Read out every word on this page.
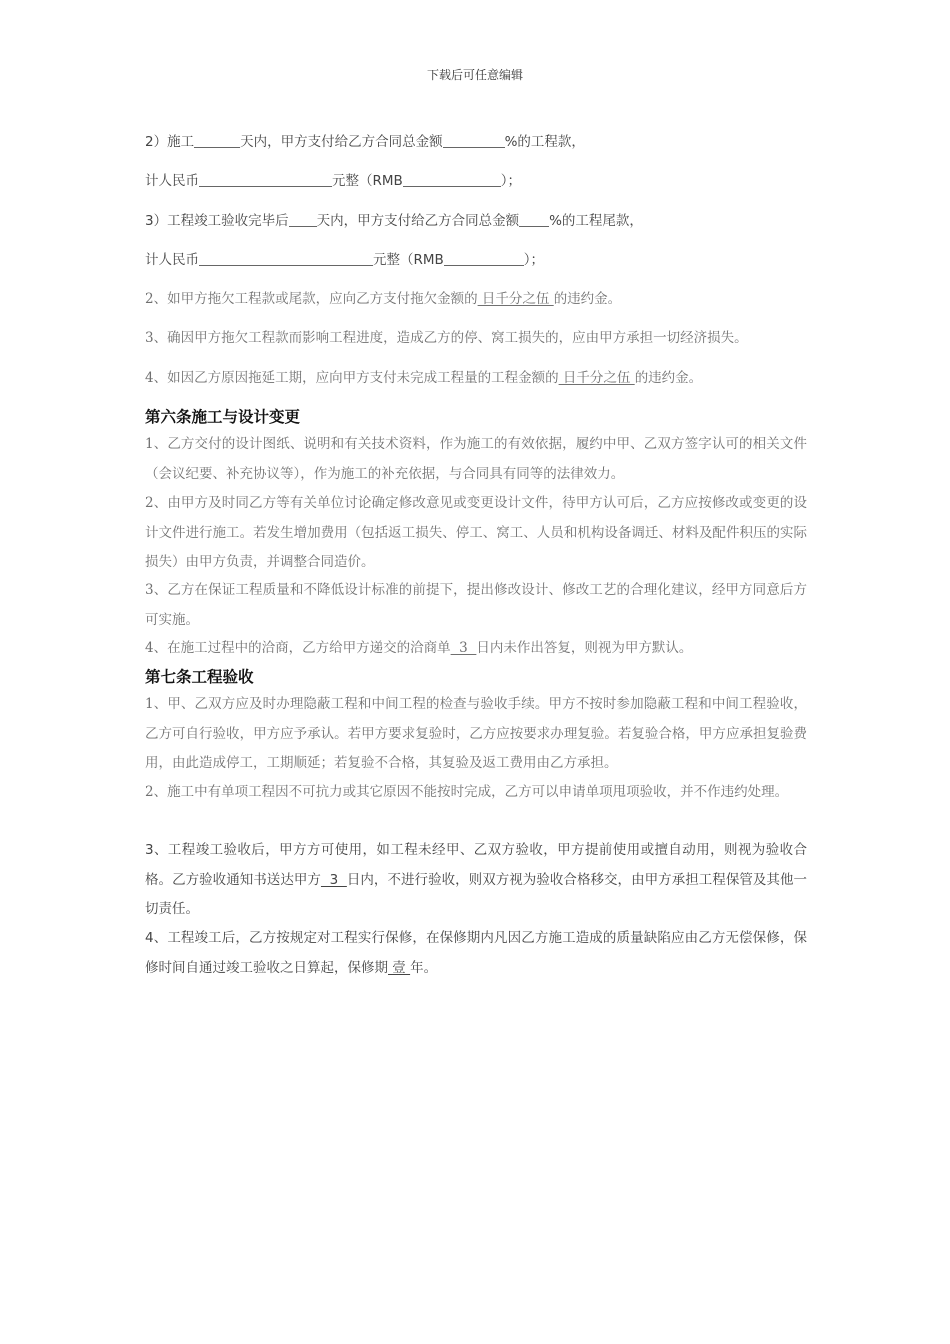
下载后可任意编辑
2）施工	天内，甲方支付给乙方合同总金额	%的工程款，
计人民币	元整（RMB	）；
3）工程竣工验收完毕后 天内，甲方支付给乙方合同总金额 %的工程尾款，
计人民币	元整（RMB	）；
2、如甲方拖欠工程款或尾款，应向乙方支付拖欠金额的 日千分之伍 的违约金。
3、确因甲方拖欠工程款而影响工程进度，造成乙方的停、窝工损失的，应由甲方承担一切经济损失。
4、如因乙方原因拖延工期，应向甲方支付未完成工程量的工程金额的 日千分之伍 的违约金。
第六条施工与设计变更
1、乙方交付的设计图纸、说明和有关技术资料，作为施工的有效依据，履约中甲、乙双方签字认可的相关文件（会议纪要、补充协议等），作为施工的补充依据，与合同具有同等的法律效力。
2、由甲方及时同乙方等有关单位讨论确定修改意见或变更设计文件，待甲方认可后，乙方应按修改或变更的设计文件进行施工。若发生增加费用（包括返工损失、停工、窝工、人员和机构设备调迁、材料及配件积压的实际损失）由甲方负责，并调整合同造价。
3、乙方在保证工程质量和不降低设计标准的前提下，提出修改设计、修改工艺的合理化建议，经甲方同意后方可实施。
4、在施工过程中的洽商，乙方给甲方递交的洽商单  3  日内未作出答复，则视为甲方默认。
第七条工程验收
1、甲、乙双方应及时办理隐蔽工程和中间工程的检查与验收手续。甲方不按时参加隐蔽工程和中间工程验收，乙方可自行验收，甲方应予承认。若甲方要求复验时，乙方应按要求办理复验。若复验合格，甲方应承担复验费用，由此造成停工，工期顺延；若复验不合格，其复验及返工费用由乙方承担。
2、施工中有单项工程因不可抗力或其它原因不能按时完成，乙方可以申请单项甩项验收，并不作违约处理。
3、工程竣工验收后，甲方方可使用，如工程未经甲、乙双方验收，甲方提前使用或擅自动用，则视为验收合格。乙方验收通知书送达甲方  3  日内，不进行验收，则双方视为验收合格移交，由甲方承担工程保管及其他一切责任。
4、工程竣工后，乙方按规定对工程实行保修，在保修期内凡因乙方施工造成的质量缺陷应由乙方无偿保修，保修时间自通过竣工验收之日算起，保修期 壹 年。
